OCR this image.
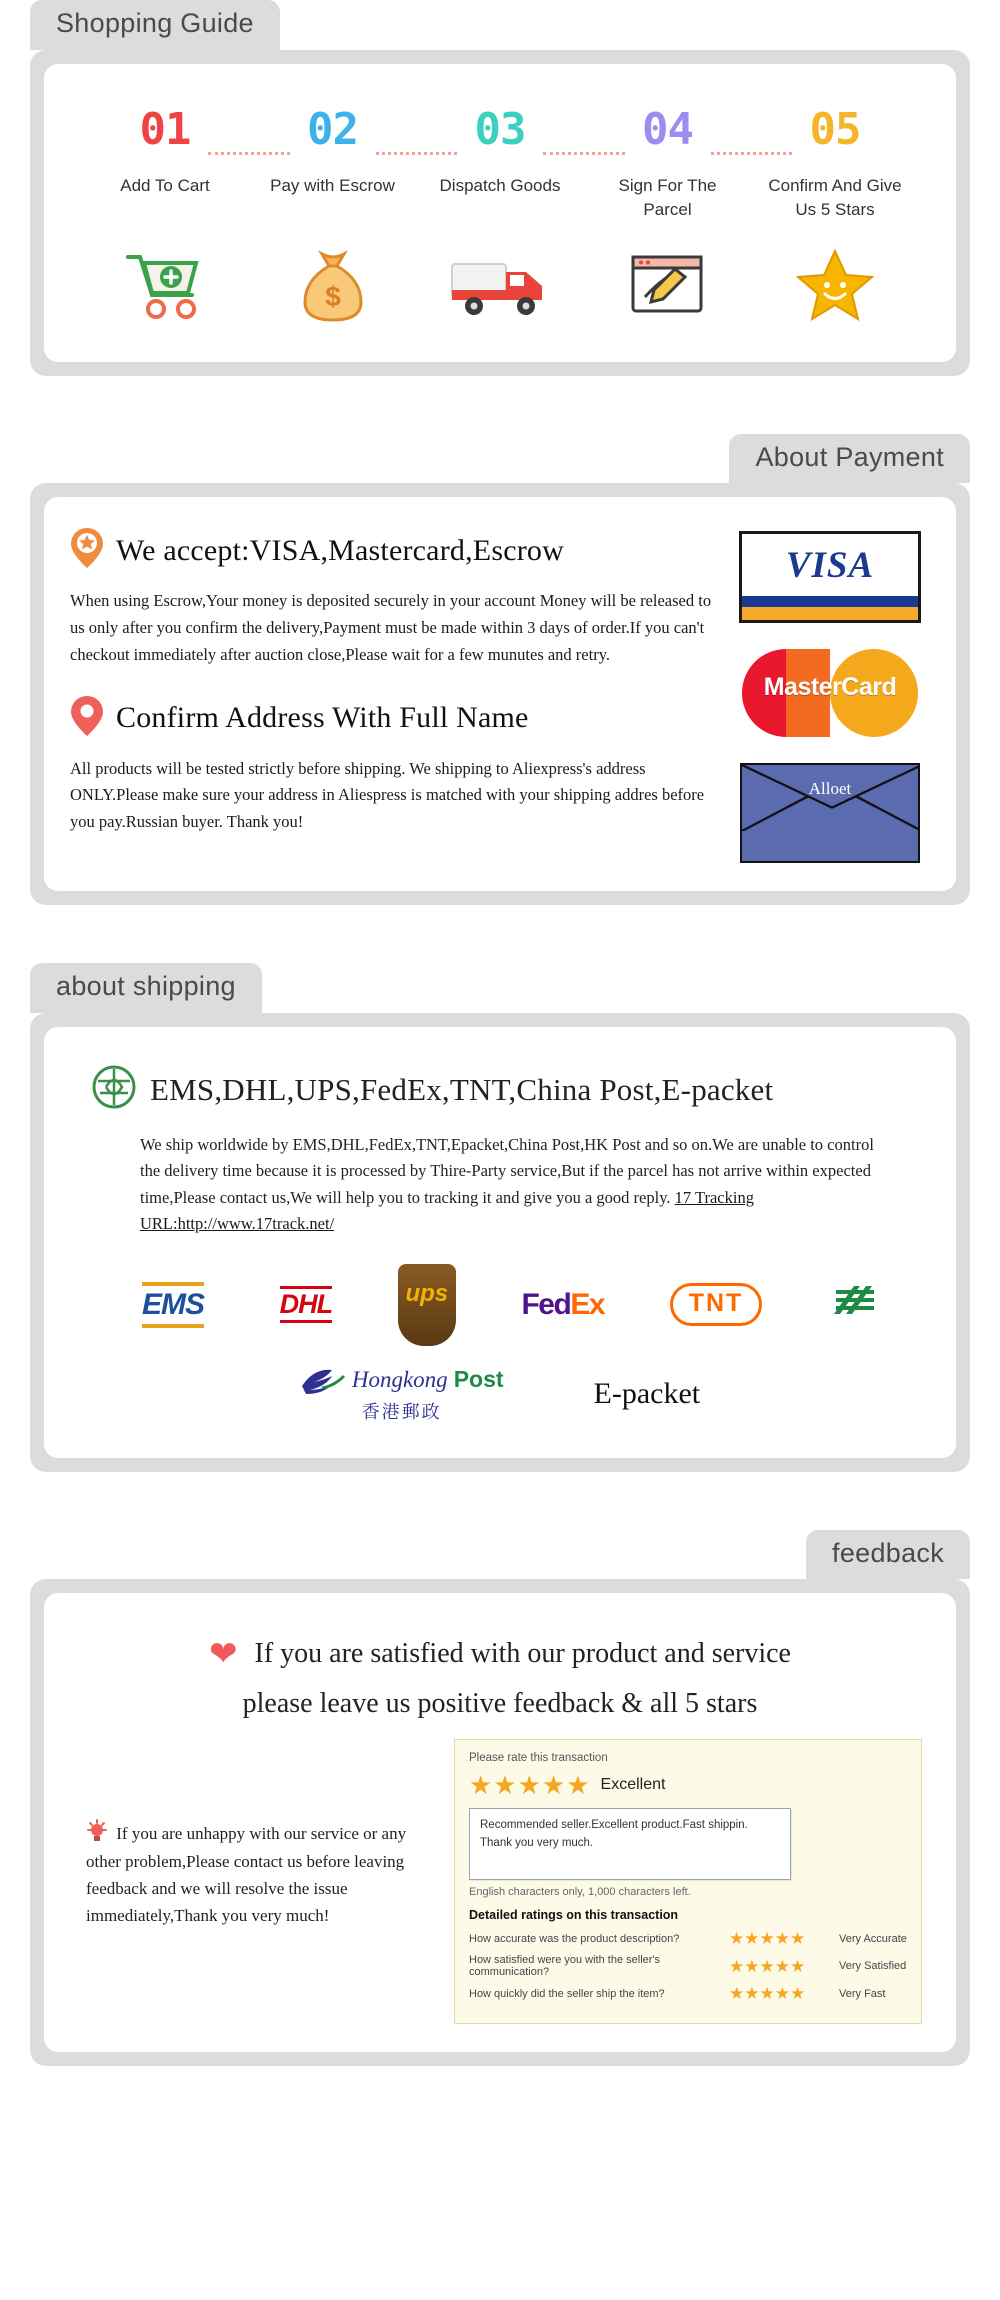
Shopping Guide
01
Add To Cart
02
Pay with Escrow
$
03
Dispatch Goods
04
Sign For The Parcel
05
Confirm And Give Us 5 Stars
About Payment
We accept:VISA,Mastercard,Escrow

When using Escrow,Your money is deposited securely in your account Money will be released to us only after you confirm the delivery,Payment must be made within 3 days of order.If you can't checkout immediately after auction close,Please wait for a few munutes and retry.

Confirm Address With Full Name

All products will be tested strictly before shipping. We shipping to Aliexpress's address ONLY.Please make sure your address in Aliespress is matched with your shipping addres before you pay.Russian buyer. Thank you!

VISA
MasterCard
Alloet
about shipping
EMS,DHL,UPS,FedEx,TNT,China Post,E-packet
We ship worldwide by EMS,DHL,FedEx,TNT,Epacket,China Post,HK Post and so on.We are unable to control the delivery time because it is processed by Thire-Party service,But if the parcel has not arrive within expected time,Please contact us,We will help you to tracking it and give you a good reply. 17 Tracking URL:http://www.17track.net/
EMS	DHL	ups FedEx	TNT
Hongkong Post
香港郵政
E-packet
feedback
❤ If you are satisfied with our product and service
please leave us positive feedback & all 5 stars
If you are unhappy with our service or any other problem,Please contact us before leaving feedback and we will resolve the issue immediately,Thank you very much!
Please rate this transaction
★★★★★ Excellent
Recommended seller.Excellent product.Fast shippin. Thank you very much.
English characters only, 1,000 characters left.
Detailed ratings on this transaction
How accurate was the product description?	★★★★★	Very Accurate
How satisfied were you with the seller's communication?	★★★★★	Very Satisfied
How quickly did the seller ship the item?	★★★★★	Very Fast
